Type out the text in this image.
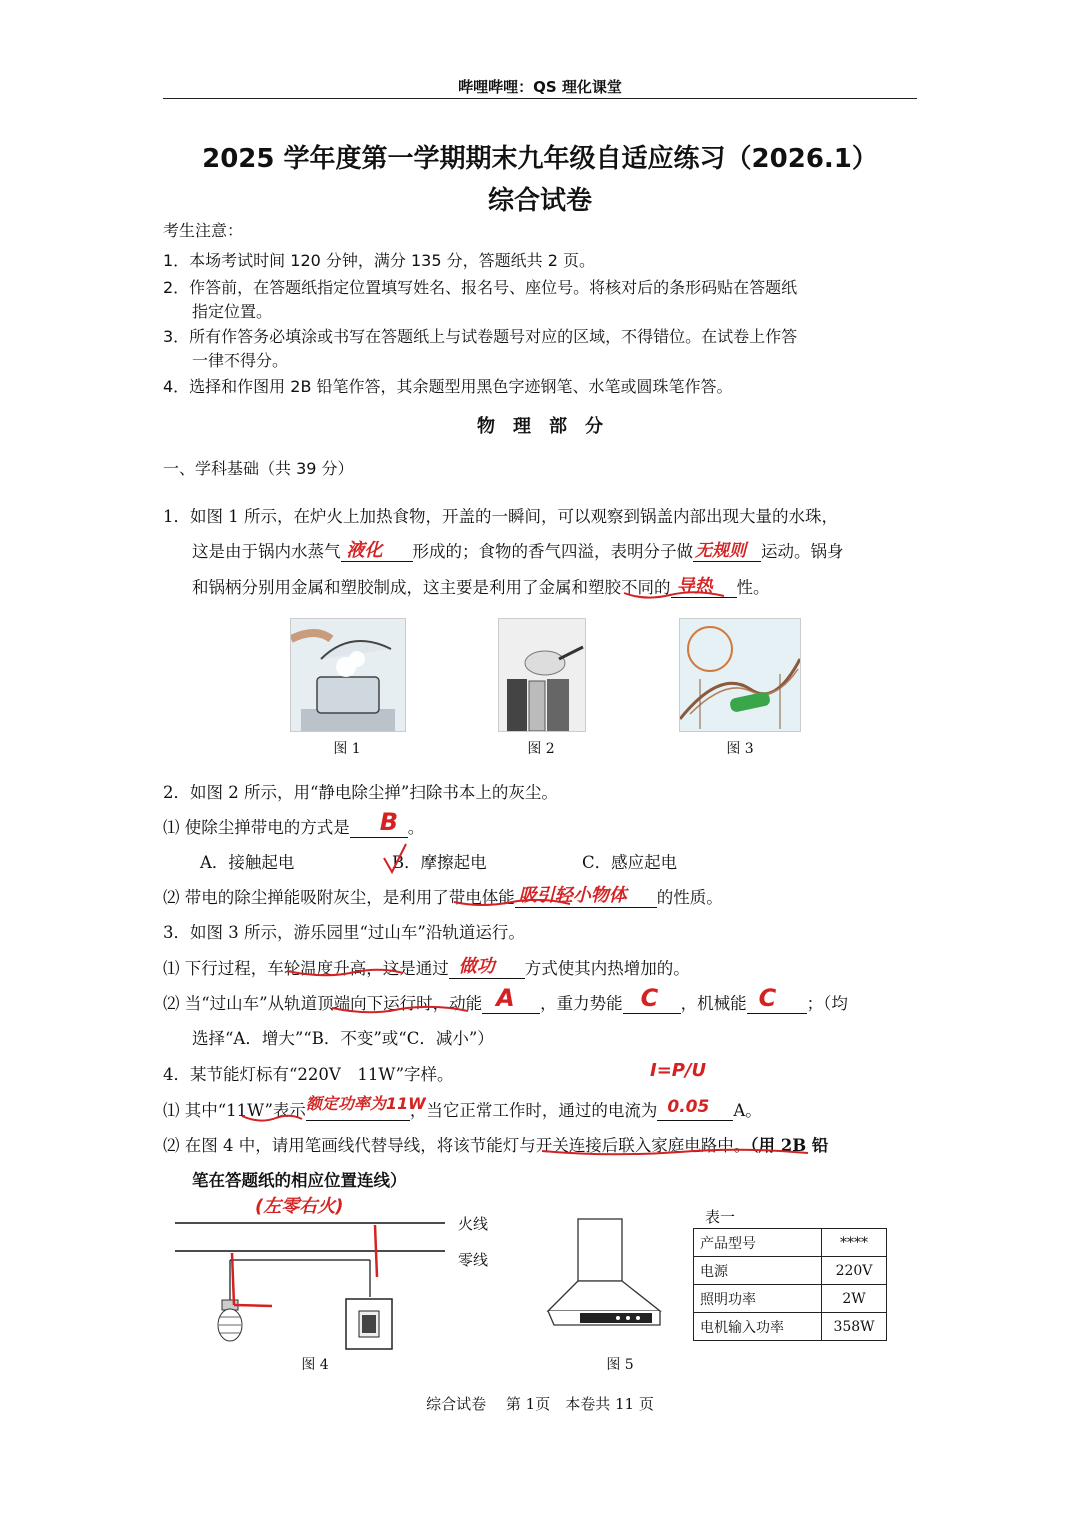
哔哩哔哩：QS 理化课堂
2025 学年度第一学期期末九年级自适应练习（2026.1）
综合试卷
考生注意：
1．本场考试时间 120 分钟，满分 135 分，答题纸共 2 页。
2．作答前，在答题纸指定位置填写姓名、报名号、座位号。将核对后的条形码贴在答题纸
指定位置。
3．所有作答务必填涂或书写在答题纸上与试卷题号对应的区域，不得错位。在试卷上作答
一律不得分。
4．选择和作图用 2B 铅笔作答，其余题型用黑色字迹钢笔、水笔或圆珠笔作答。
物　理　部　分
一、学科基础（共 39 分）
1．如图 1 所示，在炉火上加热食物，开盖的一瞬间，可以观察到锅盖内部出现大量的水珠，
这是由于锅内水蒸气 液化 形成的；食物的香气四溢，表明分子做 无规则 运动。锅身
和锅柄分别用金属和塑胶制成，这主要是利用了金属和塑胶不同的 导热 性。
图 1	图 2	图 3
2．如图 2 所示，用“静电除尘掸”扫除书本上的灰尘。
⑴ 使除尘掸带电的方式是 B 。
A．接触起电	B．摩擦起电	C．感应起电
⑵ 带电的除尘掸能吸附灰尘，是利用了带电体能 吸引轻小物体 的性质。
3．如图 3 所示，游乐园里“过山车”沿轨道运行。
⑴ 下行过程，车轮温度升高，这是通过 做功 方式使其内热增加的。
⑵ 当“过山车”从轨道顶端向下运行时，动能 A ，重力势能 C ，机械能 C ；（均
选择“A．增大”“B．不变”或“C．减小”）
4．某节能灯标有“220V　11W”字样。	I=P/U
⑴ 其中“11W”表示 额定功率为11W
，当它正常工作时，通过的电流为 0.05 A。
⑵ 在图 4 中，请用笔画线代替导线，将该节能灯与开关连接后联入家庭电路中。（用 2B 铅
笔在答题纸的相应位置连线）
(左零右火)
火线
零线
图 4	图 5
表一
产品型号	****
电源	220V
照明功率	2W
电机输入功率	358W
综合试卷　 第 1页　本卷共 11 页
